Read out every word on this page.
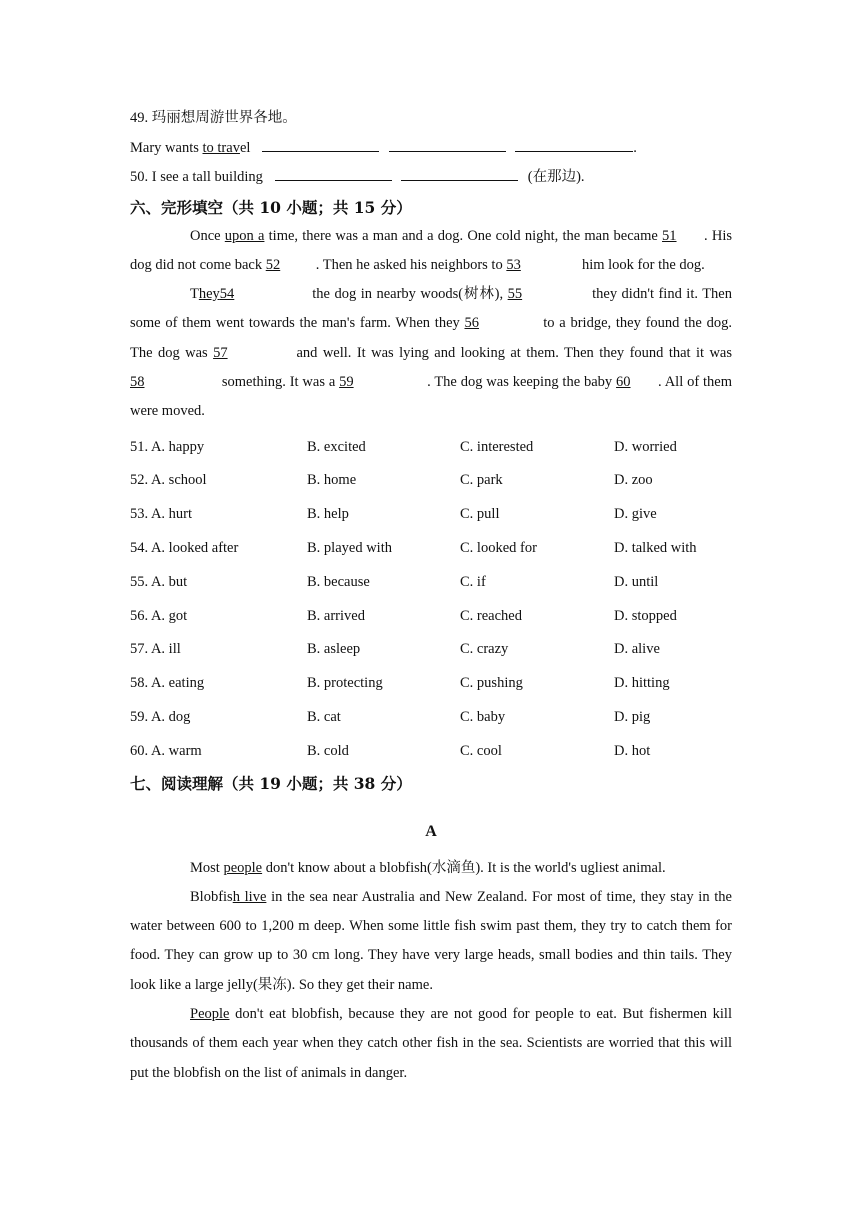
49. 玛丽想周游世界各地。
Mary wants to travel	.
50. I see a tall building	(在那边).
六、完形填空（共 10 小题；共 15 分）

Once upon a time, there was a man and a dog. One cold night, the man became 51 . His dog did not come back 52 . Then he asked his neighbors to 53	him look for the dog.

They54	the dog in nearby woods(树林), 55	they didn't find it. Then some of them went towards the man's farm. When they 56	to a bridge, they found the dog. The dog was 57	and well. It was lying and looking at them. Then they found that it was 58	something. It was a 59	. The dog was keeping the baby 60 . All of them were moved.

51. A. happy	B. excited	C. interested	D. worried
52. A. school	B. home	C. park	D. zoo
53. A. hurt	B. help	C. pull	D. give
54. A. looked after	B. played with	C. looked for	D. talked with
55. A. but	B. because	C. if	D. until
56. A. got	B. arrived	C. reached	D. stopped
57. A. ill	B. asleep	C. crazy	D. alive
58. A. eating	B. protecting	C. pushing	D. hitting
59. A. dog	B. cat	C. baby	D. pig
60. A. warm	B. cold	C. cool	D. hot
七、阅读理解（共 19 小题；共 38 分）
A

Most people don't know about a blobfish(水滴鱼). It is the world's ugliest animal.

Blobfish live in the sea near Australia and New Zealand. For most of time, they stay in the water between 600 to 1,200 m deep. When some little fish swim past them, they try to catch them for food. They can grow up to 30 cm long. They have very large heads, small bodies and thin tails. They look like a large jelly(果冻). So they get their name.

People don't eat blobfish, because they are not good for people to eat. But fishermen kill thousands of them each year when they catch other fish in the sea. Scientists are worried that this will put the blobfish on the list of animals in danger.
